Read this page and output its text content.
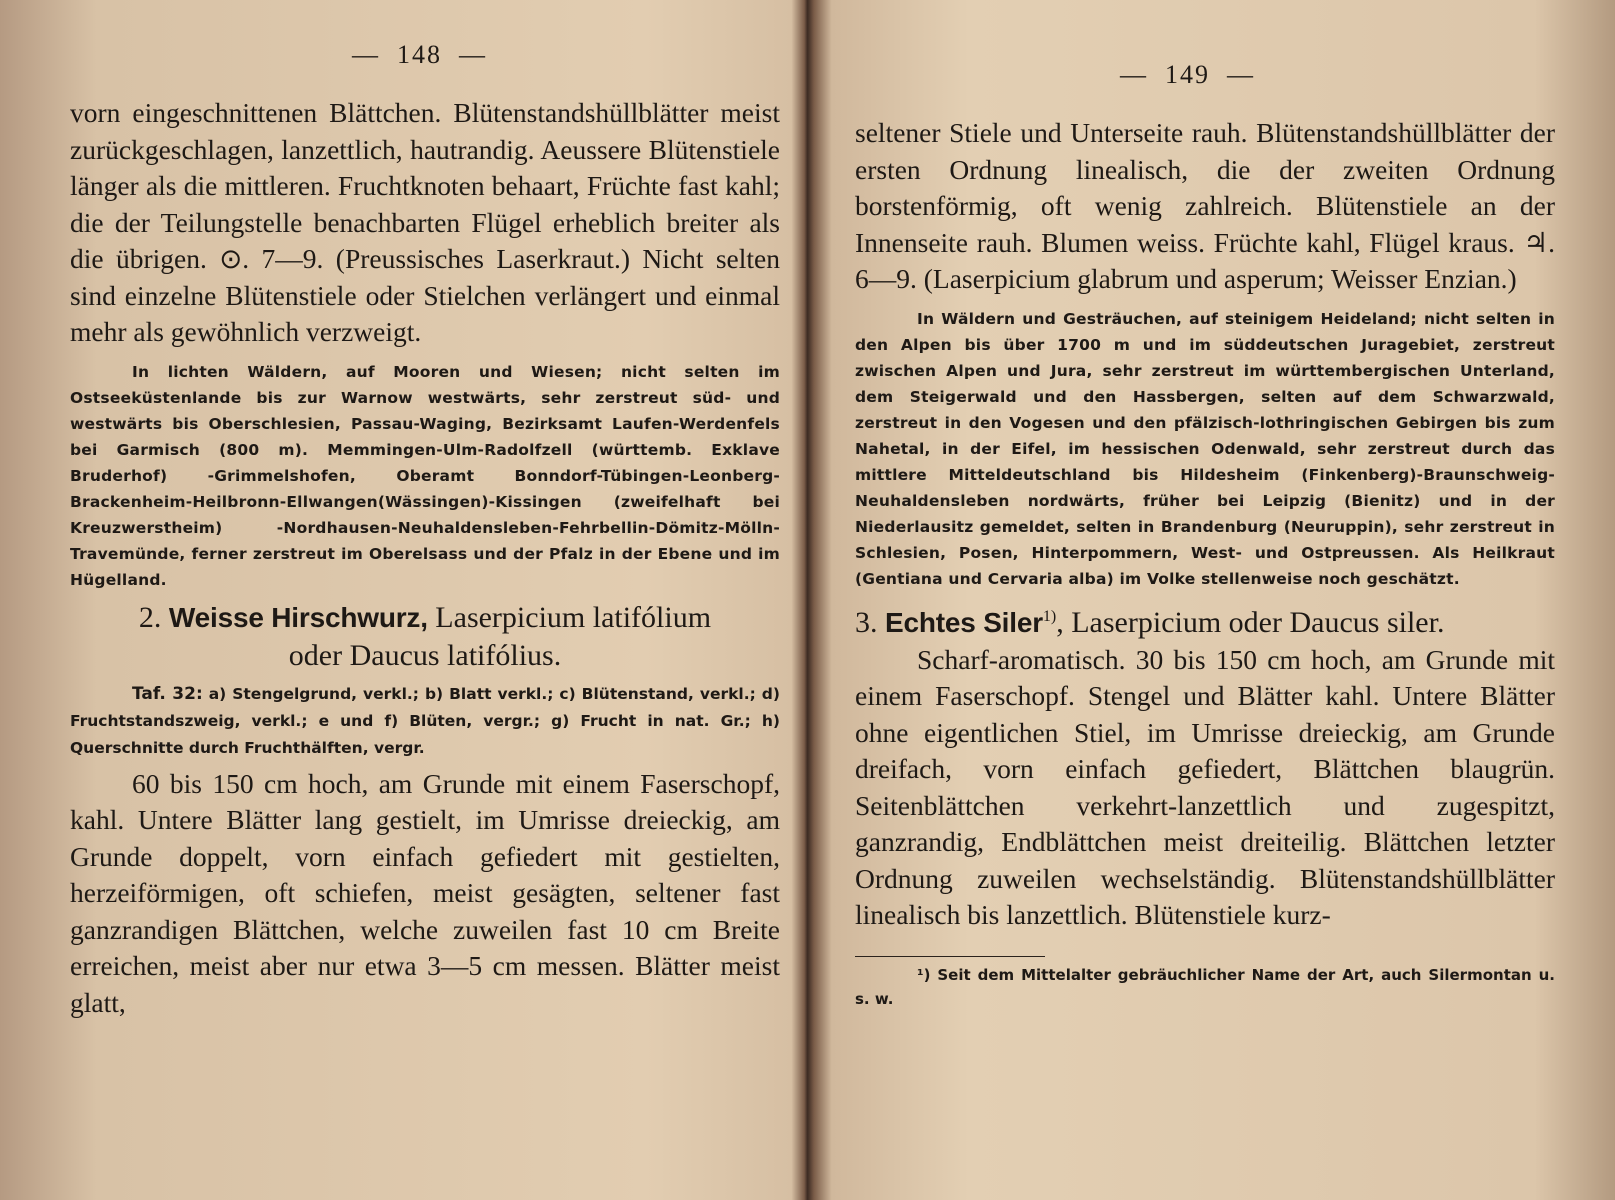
—  148  —

vorn eingeschnittenen Blättchen. Blütenstandshüllblätter meist zurückgeschlagen, lanzettlich, hautrandig. Aeussere Blütenstiele länger als die mittleren. Fruchtknoten behaart, Früchte fast kahl; die der Teilungstelle benachbarten Flügel erheblich breiter als die übrigen. ⊙. 7—9. (Preussisches Laserkraut.) Nicht selten sind einzelne Blütenstiele oder Stielchen verlängert und einmal mehr als gewöhnlich verzweigt.

In lichten Wäldern, auf Mooren und Wiesen; nicht selten im Ostseeküstenlande bis zur Warnow westwärts, sehr zerstreut süd- und westwärts bis Oberschlesien, Passau-Waging, Bezirksamt Laufen-Werdenfels bei Garmisch (800 m). Memmingen-Ulm-Radolfzell (württemb. Exklave Bruderhof) -Grimmelshofen, Oberamt Bonndorf-Tübingen-Leonberg-Brackenheim-Heilbronn-Ellwangen(Wässingen)-Kissingen (zweifelhaft bei Kreuzwerstheim) -Nordhausen-Neuhaldensleben-Fehrbellin-Dömitz-Mölln-Travemünde, ferner zerstreut im Oberelsass und der Pfalz in der Ebene und im Hügelland.

2. Weisse Hirschwurz, Laserpicium latifólium
oder Daucus latifólius.

Taf. 32: a) Stengelgrund, verkl.; b) Blatt verkl.; c) Blütenstand, verkl.; d) Fruchtstandszweig, verkl.; e und f) Blüten, vergr.; g) Frucht in nat. Gr.; h) Querschnitte durch Fruchthälften, vergr.

60 bis 150 cm hoch, am Grunde mit einem Faserschopf, kahl. Untere Blätter lang gestielt, im Umrisse dreieckig, am Grunde doppelt, vorn einfach gefiedert mit gestielten, herzeiförmigen, oft schiefen, meist gesägten, seltener fast ganzrandigen Blättchen, welche zuweilen fast 10 cm Breite erreichen, meist aber nur etwa 3—5 cm messen. Blätter meist glatt,

—  149  —

seltener Stiele und Unterseite rauh. Blütenstandshüllblätter der ersten Ordnung linealisch, die der zweiten Ordnung borstenförmig, oft wenig zahlreich. Blütenstiele an der Innenseite rauh. Blumen weiss. Früchte kahl, Flügel kraus. ♃. 6—9. (Laserpicium glabrum und asperum; Weisser Enzian.)

In Wäldern und Gesträuchen, auf steinigem Heideland; nicht selten in den Alpen bis über 1700 m und im süddeutschen Juragebiet, zerstreut zwischen Alpen und Jura, sehr zerstreut im württembergischen Unterland, dem Steigerwald und den Hassbergen, selten auf dem Schwarzwald, zerstreut in den Vogesen und den pfälzisch-lothringischen Gebirgen bis zum Nahetal, in der Eifel, im hessischen Odenwald, sehr zerstreut durch das mittlere Mitteldeutschland bis Hildesheim (Finkenberg)-Braunschweig-Neuhaldensleben nordwärts, früher bei Leipzig (Bienitz) und in der Niederlausitz gemeldet, selten in Brandenburg (Neuruppin), sehr zerstreut in Schlesien, Posen, Hinterpommern, West- und Ostpreussen. Als Heilkraut (Gentiana und Cervaria alba) im Volke stellenweise noch geschätzt.

3. Echtes Siler$^{1)}$, Laserpicium oder Daucus siler.

Scharf-aromatisch. 30 bis 150 cm hoch, am Grunde mit einem Faserschopf. Stengel und Blätter kahl. Untere Blätter ohne eigentlichen Stiel, im Umrisse dreieckig, am Grunde dreifach, vorn einfach gefiedert, Blättchen blaugrün. Seitenblättchen verkehrt-lanzettlich und zugespitzt, ganzrandig, Endblättchen meist dreiteilig. Blättchen letzter Ordnung zuweilen wechselständig. Blütenstandshüllblätter linealisch bis lanzettlich. Blütenstiele kurz-

¹) Seit dem Mittelalter gebräuchlicher Name der Art, auch Silermontan u. s. w.
